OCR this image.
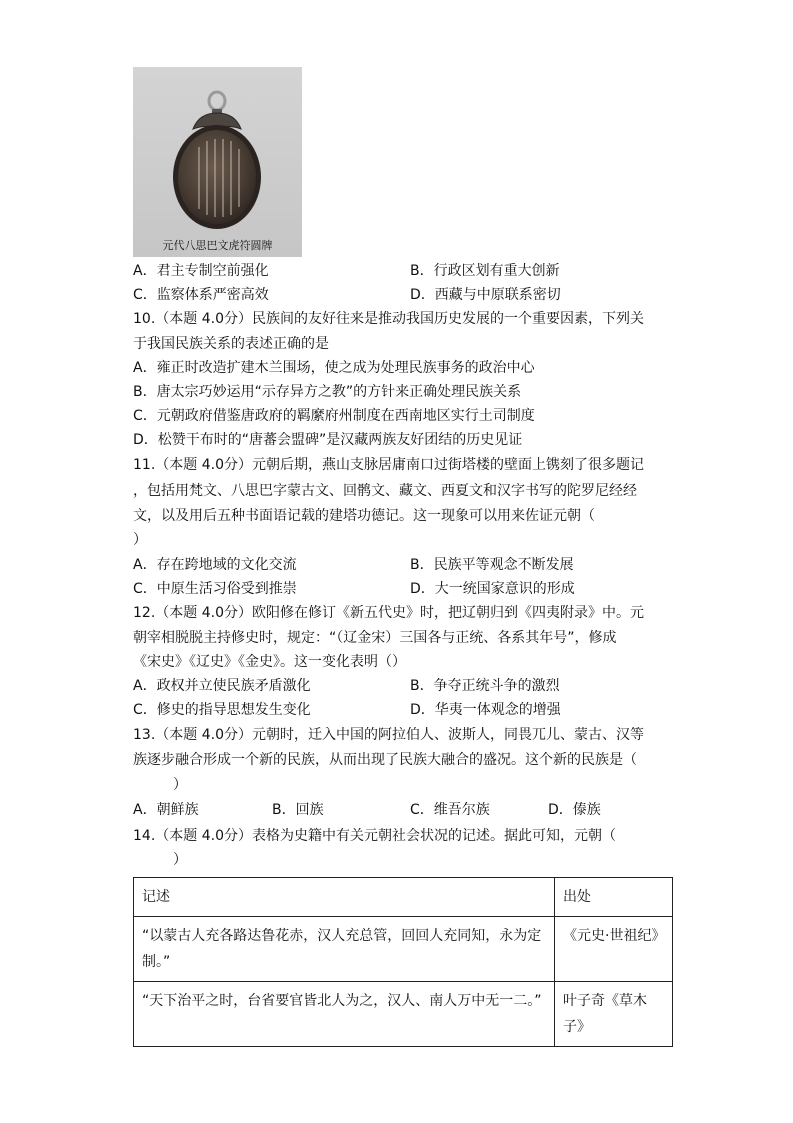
元代八思巴文虎符圆牌
A．君主专制空前强化	B．行政区划有重大创新
C．监察体系严密高效	D．西藏与中原联系密切
10.（本题 4.0分）民族间的友好往来是推动我国历史发展的一个重要因素，下列关
于我国民族关系的表述正确的是
A．雍正时改造扩建木兰围场，使之成为处理民族事务的政治中心
B．唐太宗巧妙运用“示存异方之教”的方针来正确处理民族关系
C．元朝政府借鉴唐政府的羁縻府州制度在西南地区实行土司制度
D．松赞干布时的“唐蕃会盟碑”是汉藏两族友好团结的历史见证
11.（本题 4.0分）元朝后期，燕山支脉居庸南口过街塔楼的壁面上镌刻了很多题记
，包括用梵文、八思巴字蒙古文、回鹘文、藏文、西夏文和汉字书写的陀罗尼经经
文，以及用后五种书面语记载的建塔功德记。这一现象可以用来佐证元朝（
）
A．存在跨地域的文化交流	B．民族平等观念不断发展
C．中原生活习俗受到推崇	D．大一统国家意识的形成
12.（本题 4.0分）欧阳修在修订《新五代史》时，把辽朝归到《四夷附录》中。元
朝宰相脱脱主持修史时，规定：“（辽金宋）三国各与正统、各系其年号”，修成
《宋史》《辽史》《金史》。这一变化表明（）
A．政权并立使民族矛盾激化	B．争夺正统斗争的激烈
C．修史的指导思想发生变化	D．华夷一体观念的增强
13.（本题 4.0分）元朝时，迁入中国的阿拉伯人、波斯人，同畏兀儿、蒙古、汉等
族逐步融合形成一个新的民族，从而出现了民族大融合的盛况。这个新的民族是（
）
A．朝鲜族	B．回族	C．维吾尔族	D．傣族
14.（本题 4.0分）表格为史籍中有关元朝社会状况的记述。据此可知，元朝（
）
记述	出处
“以蒙古人充各路达鲁花赤，汉人充总管，回回人充同知，永为定制。”	《元史·世祖纪》
“天下治平之时，台省要官皆北人为之，汉人、南人万中无一二。”	叶子奇《草木子》
